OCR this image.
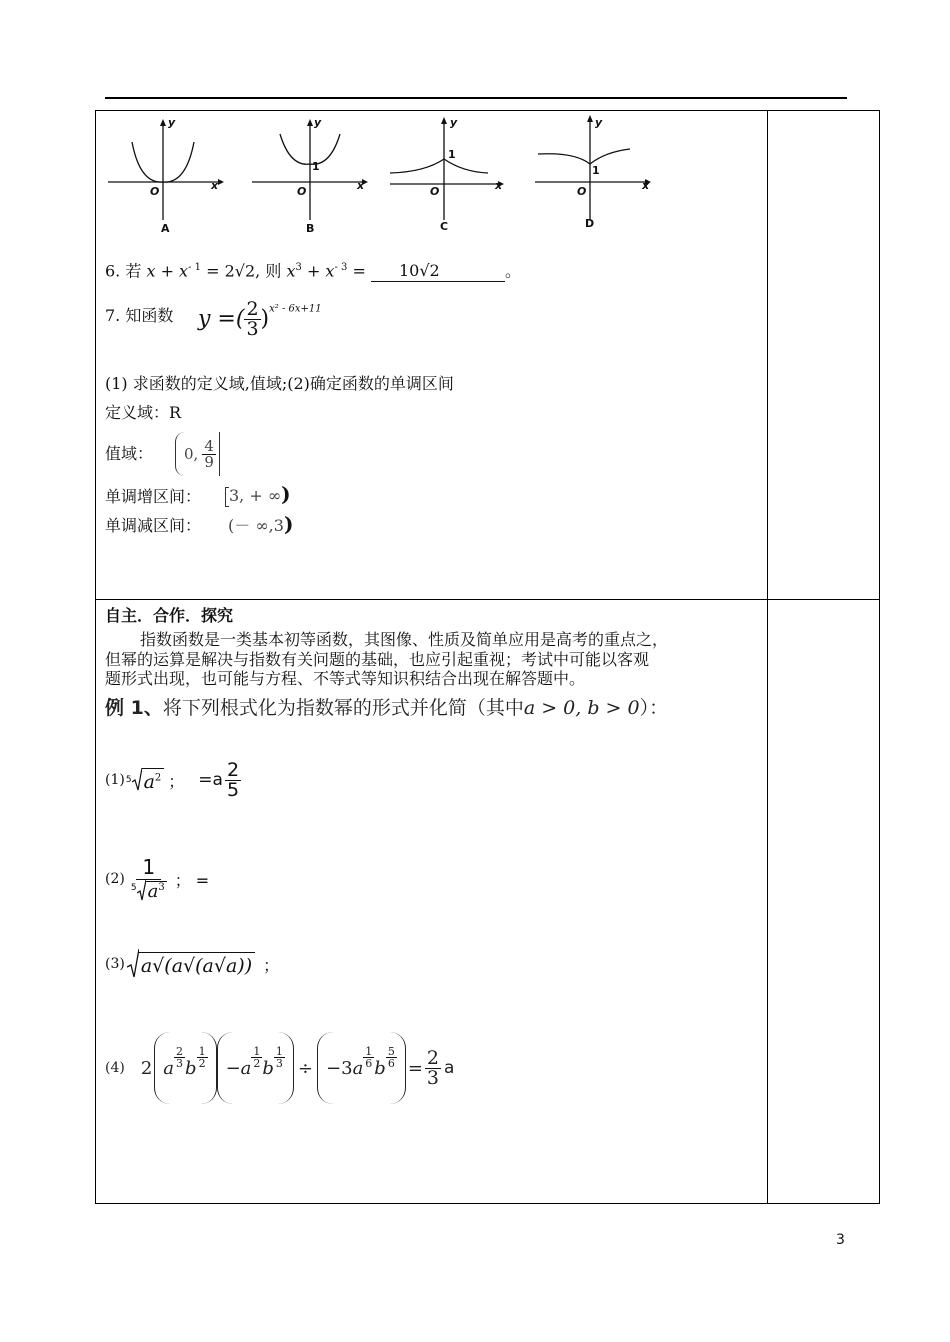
y
x
O
A
y
x
O
1
B
y
x
O
1
C
y
x
O
1
D
6. 若 $x + x^{- 1} = 2√2$, 则 $x^3 + x^{- 3} = 10√2$	。
7. 知函数 y =( $\frac{2}{3} )^{x^2 - 6x+11}$
(1) 求函数的定义域,值域;(2)确定函数的单调区间
定义域：R
值域： 0, $\frac{4}{9}$
单调增区间： 3, + ∞)
单调减区间： (－ ∞,3)
自主．合作．探究
指数函数是一类基本初等函数，其图像、性质及简单应用是高考的重点之，
但幂的运算是解决与指数有关问题的基础，也应引起重视；考试中可能以客观
题形式出现，也可能与方程、不等式等知识积结合出现在解答题中。
例 1、将下列根式化为指数幂的形式并化简（其中a > 0, b > 0）：
(1) 5 $a^2$ ； $=a \frac{2}{5}$
$(2) \frac{1}{5 a^3}$ ； =
(3) a√(a√(a√a)) ；
(4) 2 a $\frac{2}{3}$ b $\frac{1}{2} - a \frac{1}{2}$ b $\frac{1}{3} \div -3$ a $\frac{1}{6}$ b $\frac{5}{6} = \frac{2}{3}$ a
3
